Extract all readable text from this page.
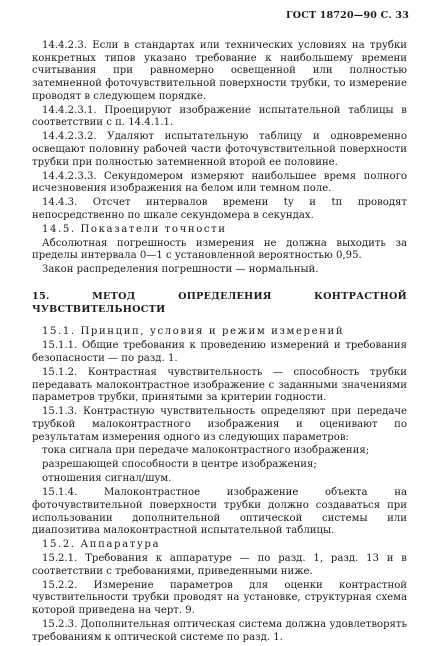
ГОСТ 18720—90 С. 33

14.4.2.3. Если в стандартах или технических условиях на трубки конкретных типов указано требование к наибольшему времени считывания при равномерно освещенной или полностью затемненной фоточувствительной поверхности трубки, то измерение проводят в следующем порядке.

14.4.2.3.1. Проецируют изображение испытательной таблицы в соответствии с п. 14.4.1.1.

14.4.2.3.2. Удаляют испытательную таблицу и одновременно освещают половину рабочей части фоточувствительной поверхности трубки при полностью затемненной второй ее половине.

14.4.2.3.3. Секундомером измеряют наибольшее время полного исчезновения изображения на белом или темном поле.

14.4.3. Отсчет интервалов времени tу и tп проводят непосредственно по шкале секундомера в секундах.

14.5. Показатели точности

Абсолютная погрешность измерения не должна выходить за пределы интервала 0—1 с установленной вероятностью 0,95.

Закон распределения погрешности — нормальный.

15. МЕТОД ОПРЕДЕЛЕНИЯ КОНТРАСТНОЙ ЧУВСТВИТЕЛЬНОСТИ

15.1. Принцип, условия и режим измерений

15.1.1. Общие требования к проведению измерений и требования безопасности — по разд. 1.

15.1.2. Контрастная чувствительность — способность трубки передавать малоконтрастное изображение с заданными значениями параметров трубки, принятыми за критерии годности.

15.1.3. Контрастную чувствительность определяют при передаче трубкой малоконтрастного изображения и оценивают по результатам измерения одного из следующих параметров:

тока сигнала при передаче малоконтрастного изображения;

разрешающей способности в центре изображения;

отношения сигнал/шум.

15.1.4. Малоконтрастное изображение объекта на фоточувствительной поверхности трубки должно создаваться при использовании дополнительной оптической системы или диапозитива малоконтрастной испытательной таблицы.

15.2. Аппаратура

15.2.1. Требования к аппаратуре — по разд. 1, разд. 13 и в соответствии с требованиями, приведенными ниже.

15.2.2. Измерение параметров для оценки контрастной чувствительности трубки проводят на установке, структурная схема которой приведена на черт. 9.

15.2.3. Дополнительная оптическая система должна удовлетворять требованиям к оптической системе по разд. 1.
